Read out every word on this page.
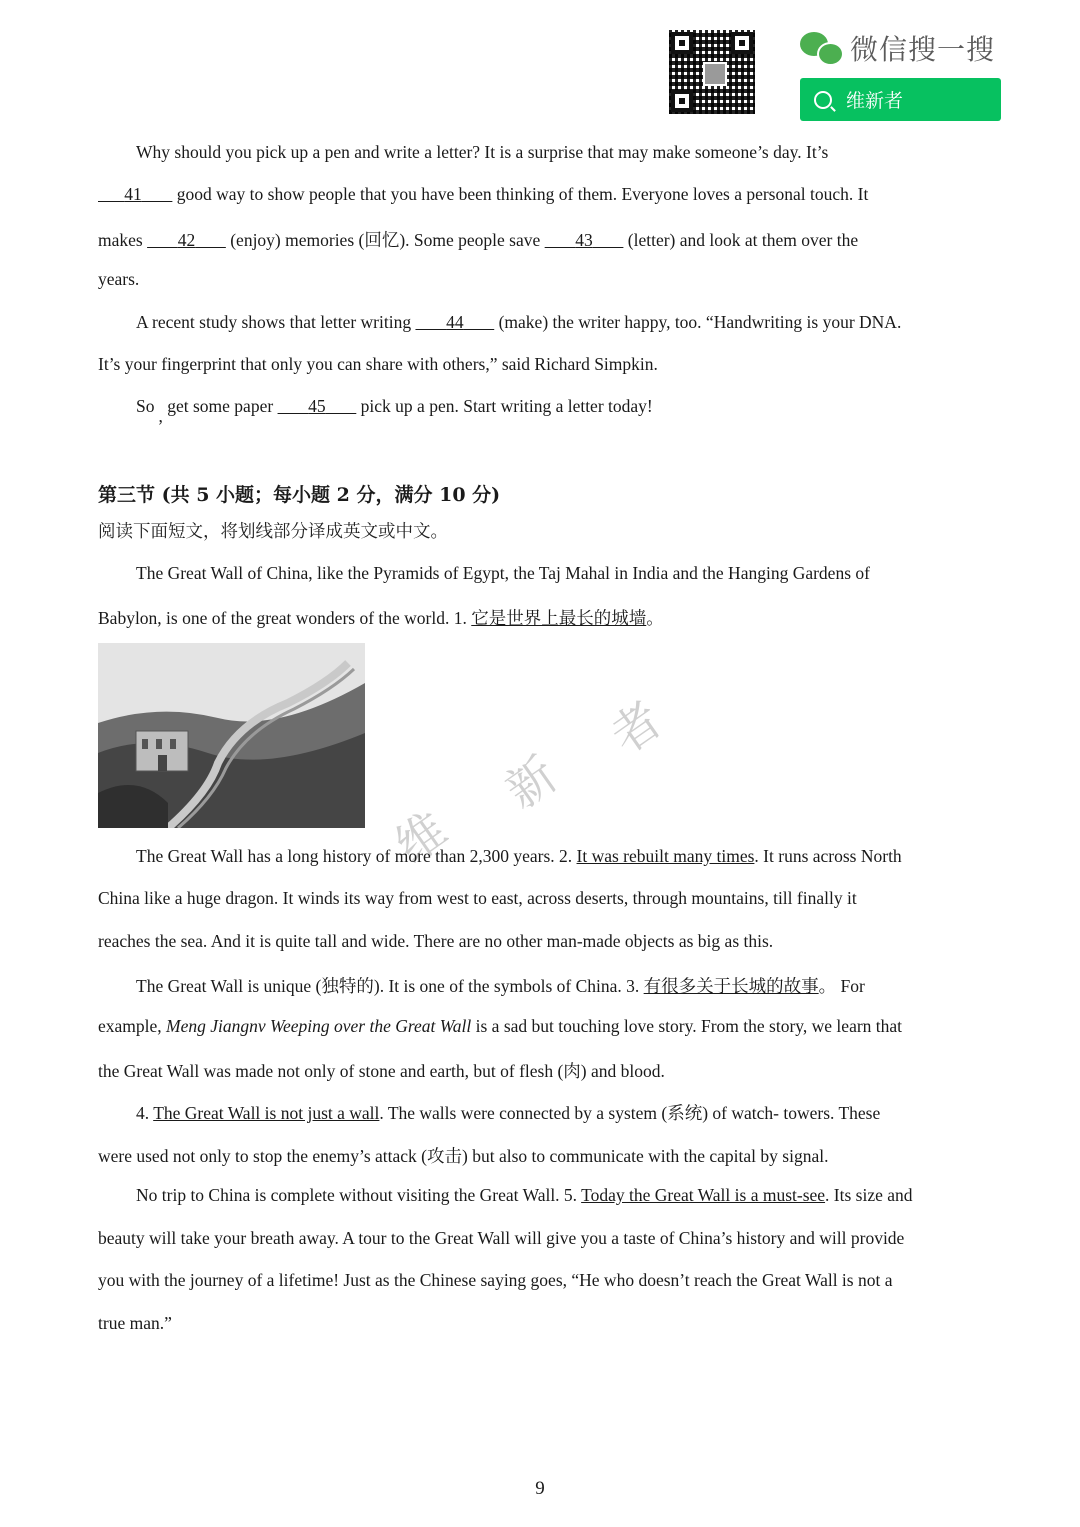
微信搜一搜
维新者
Why should you pick up a pen and write a letter? It is a surprise that may make someone’s day. It’s
41        good way to show people that you have been thinking of them. Everyone loves a personal touch. It
makes        42        (enjoy) memories (回忆). Some people save        43        (letter) and look at them over the
years.
A recent study shows that letter writing        44        (make) the writer happy, too. “Handwriting is your DNA.
It’s your fingerprint that only you can share with others,” said Richard Simpkin.
So , get some paper        45        pick up a pen. Start writing a letter today!
第三节 (共 5 小题；每小题 2 分，满分 10 分)
阅读下面短文，将划线部分译成英文或中文。
The Great Wall of China, like the Pyramids of Egypt, the Taj Mahal in India and the Hanging Gardens of
Babylon, is one of the great wonders of the world. 1. 它是世界上最长的城墙。
维
新
者
The Great Wall has a long history of more than 2,300 years. 2. It was rebuilt many times. It runs across North
China like a huge dragon. It winds its way from west to east, across deserts, through mountains, till finally it
reaches the sea. And it is quite tall and wide. There are no other man-made objects as big as this.
The Great Wall is unique (独特的). It is one of the symbols of China. 3. 有很多关于长城的故事。 For
example, Meng Jiangnv Weeping over the Great Wall is a sad but touching love story. From the story, we learn that
the Great Wall was made not only of stone and earth, but of flesh (肉) and blood.
4. The Great Wall is not just a wall. The walls were connected by a system (系统) of watch- towers. These
were used not only to stop the enemy’s attack (攻击) but also to communicate with the capital by signal.
No trip to China is complete without visiting the Great Wall. 5. Today the Great Wall is a must-see. Its size and
beauty will take your breath away. A tour to the Great Wall will give you a taste of China’s history and will provide
you with the journey of a lifetime! Just as the Chinese saying goes, “He who doesn’t reach the Great Wall is not a
true man.”
9
